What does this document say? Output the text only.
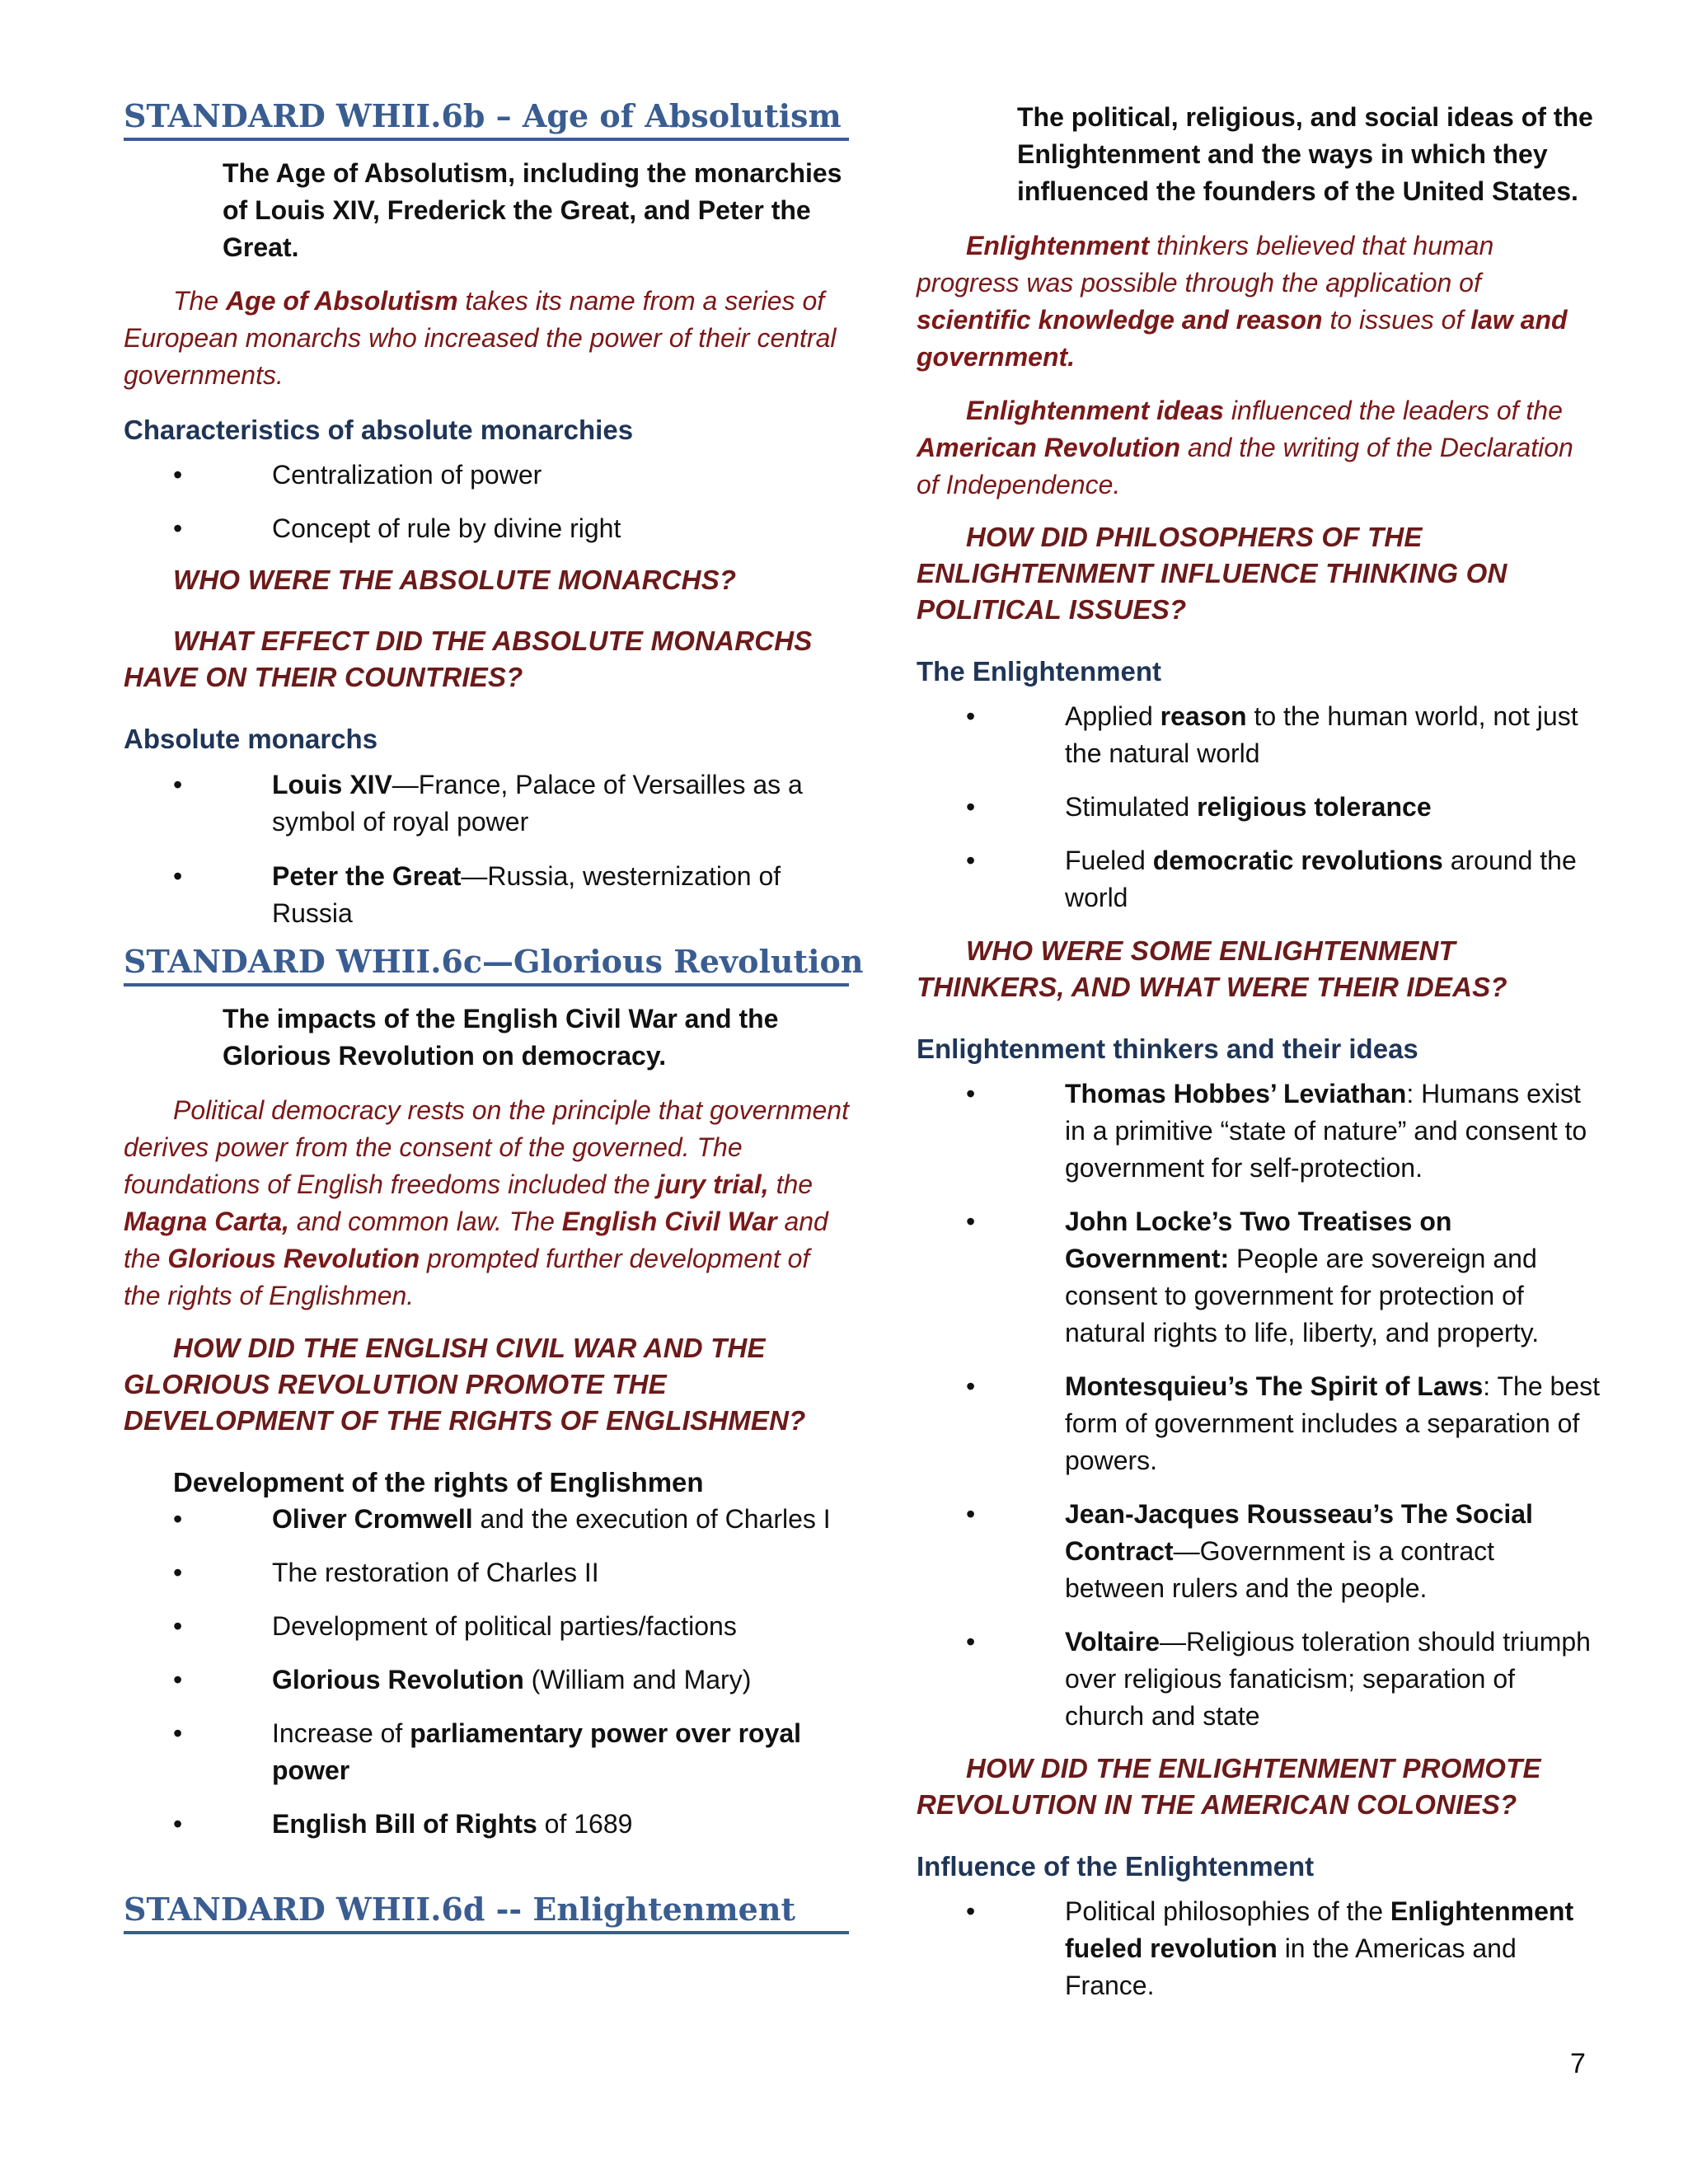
STANDARD WHII.6b – Age of Absolutism
The Age of Absolutism, including the monarchies of Louis XIV, Frederick the Great, and Peter the Great.
The Age of Absolutism takes its name from a series of European monarchs who increased the power of their central governments.
Characteristics of absolute monarchies
•	Centralization of power
•	Concept of rule by divine right
WHO WERE THE ABSOLUTE MONARCHS?
WHAT EFFECT DID THE ABSOLUTE MONARCHS HAVE ON THEIR COUNTRIES?
Absolute monarchs
•	Louis XIV—France, Palace of Versailles as a symbol of royal power
•	Peter the Great—Russia, westernization of Russia
STANDARD WHII.6c—Glorious Revolution
The impacts of the English Civil War and the Glorious Revolution on democracy.
Political democracy rests on the principle that government derives power from the consent of the governed. The foundations of English freedoms included the jury trial, the Magna Carta, and common law. The English Civil War and the Glorious Revolution prompted further development of the rights of Englishmen.
HOW DID THE ENGLISH CIVIL WAR AND THE GLORIOUS REVOLUTION PROMOTE THE DEVELOPMENT OF THE RIGHTS OF ENGLISHMEN?
Development of the rights of Englishmen
•	Oliver Cromwell and the execution of Charles I
•	The restoration of Charles II
•	Development of political parties/factions
•	Glorious Revolution (William and Mary)
•	Increase of parliamentary power over royal power
•	English Bill of Rights of 1689
STANDARD WHII.6d -- Enlightenment
The political, religious, and social ideas of the Enlightenment and the ways in which they influenced the founders of the United States.
Enlightenment thinkers believed that human progress was possible through the application of scientific knowledge and reason to issues of law and government.
Enlightenment ideas influenced the leaders of the American Revolution and the writing of the Declaration of Independence.
HOW DID PHILOSOPHERS OF THE ENLIGHTENMENT INFLUENCE THINKING ON POLITICAL ISSUES?
The Enlightenment
•	Applied reason to the human world, not just the natural world
•	Stimulated religious tolerance
•	Fueled democratic revolutions around the world
WHO WERE SOME ENLIGHTENMENT THINKERS, AND WHAT WERE THEIR IDEAS?
Enlightenment thinkers and their ideas
•	Thomas Hobbes’ Leviathan: Humans exist in a primitive “state of nature” and consent to government for self-protection.
•	John Locke’s Two Treatises on Government: People are sovereign and consent to government for protection of natural rights to life, liberty, and property.
•	Montesquieu’s The Spirit of Laws: The best form of government includes a separation of powers.
•	Jean-Jacques Rousseau’s The Social Contract—Government is a contract between rulers and the people.
•	Voltaire—Religious toleration should triumph over religious fanaticism; separation of church and state
HOW DID THE ENLIGHTENMENT PROMOTE REVOLUTION IN THE AMERICAN COLONIES?
Influence of the Enlightenment
•	Political philosophies of the Enlightenment fueled revolution in the Americas and France.
7
